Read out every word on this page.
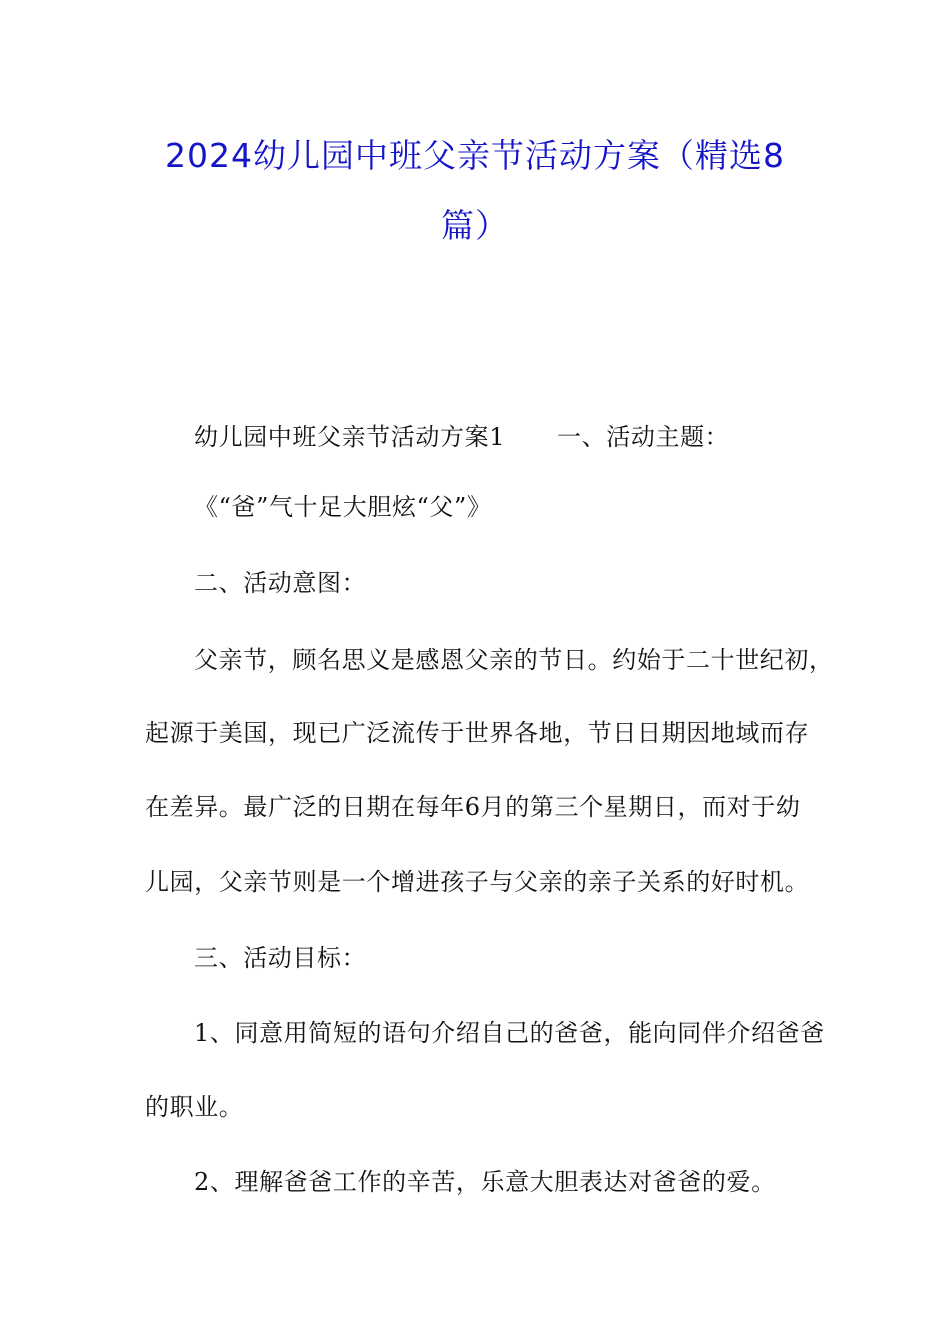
2024幼儿园中班父亲节活动方案（精选8
篇）
幼儿园中班父亲节活动方案1 一、活动主题：
《“爸”气十足大胆炫“父”》
二、活动意图：
父亲节，顾名思义是感恩父亲的节日。约始于二十世纪初，
起源于美国，现已广泛流传于世界各地，节日日期因地域而存
在差异。最广泛的日期在每年6月的第三个星期日，而对于幼
儿园，父亲节则是一个增进孩子与父亲的亲子关系的好时机。
三、活动目标：
1、同意用简短的语句介绍自己的爸爸，能向同伴介绍爸爸
的职业。
2、理解爸爸工作的辛苦，乐意大胆表达对爸爸的爱。
